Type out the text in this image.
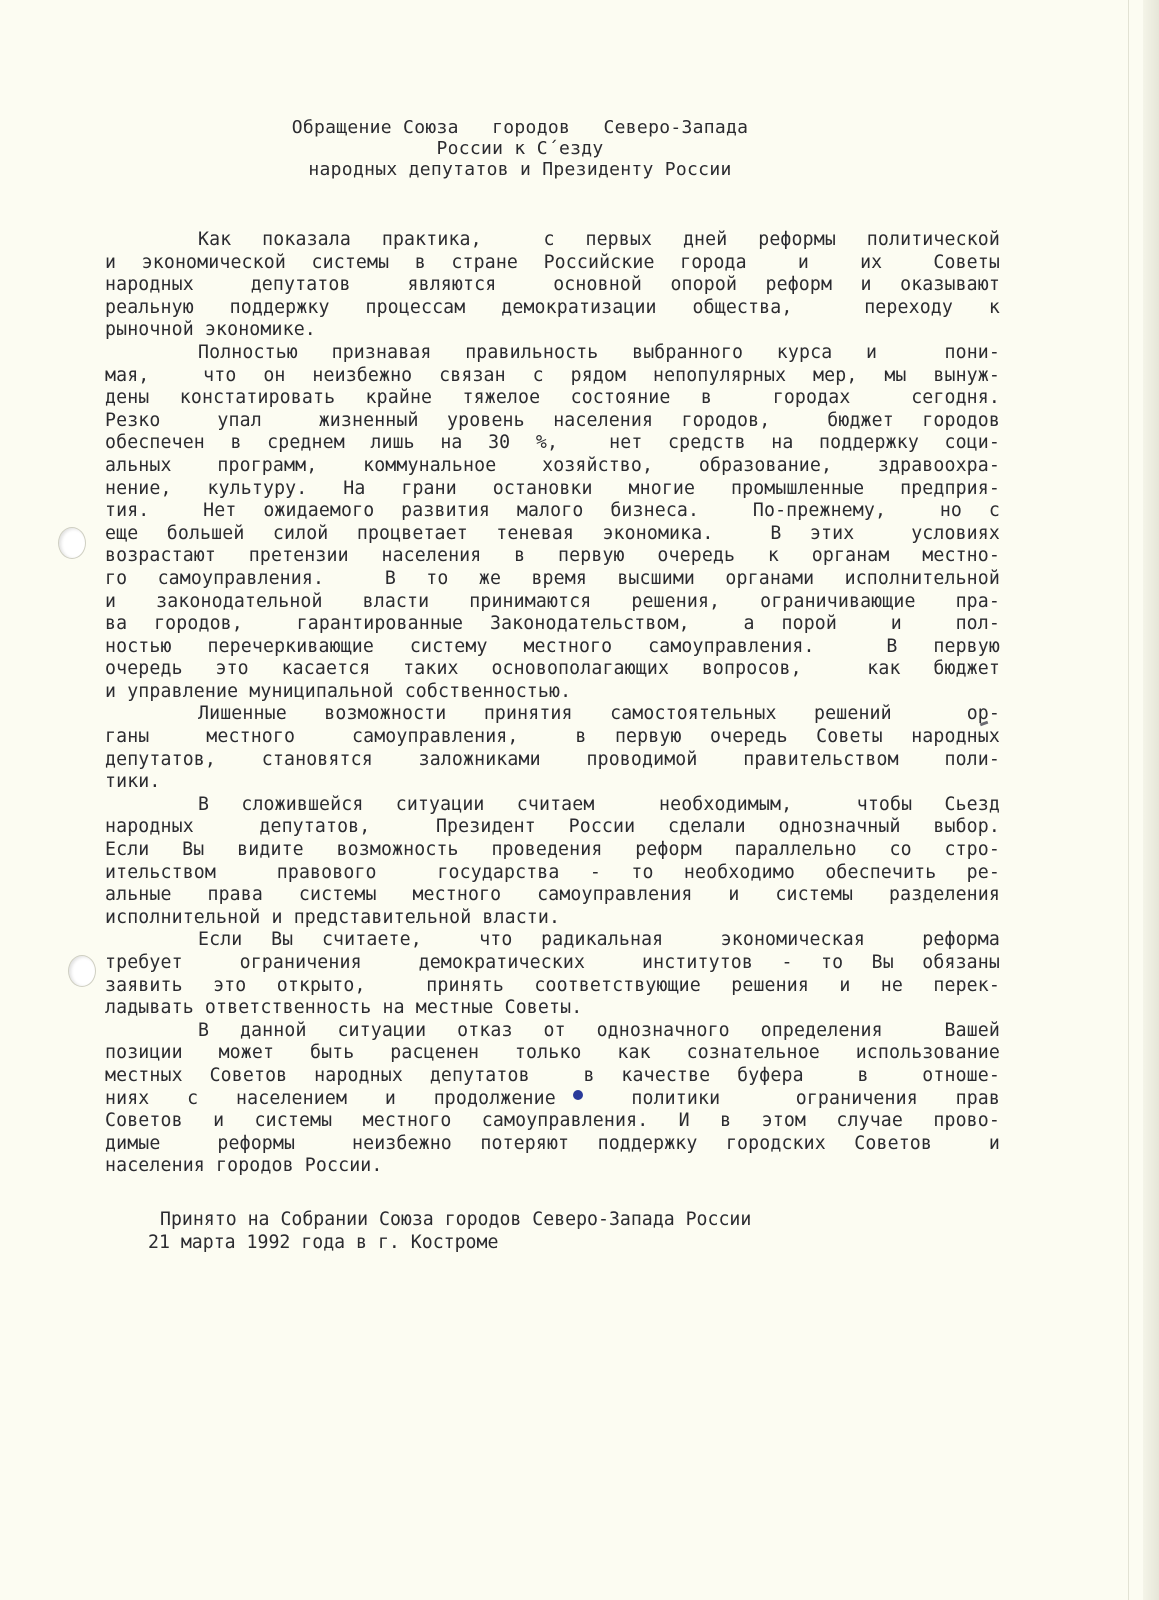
Обращение Союза   городов   Северо-Запада
России к С´езду
народных депутатов и Президенту России
Как показала практика,  с первых дней реформы политической
и экономической системы в стране Российские города  и  их  Советы
народных  депутатов  являются  основной опорой реформ и оказывают
реальную поддержку процессам демократизации общества,  переходу к
рыночной экономике.
Полностью признавая правильность выбранного курса и  пони-
мая,  что он неизбежно связан с рядом непопулярных мер, мы вынуж-
дены констатировать крайне тяжелое состояние в  городах  сегодня.
Резко  упал  жизненный уровень населения городов,  бюджет городов
обеспечен в среднем лишь на 30 %,  нет средств на поддержку соци-
альных программ, коммунальное хозяйство, образование, здравоохра-
нение, культуру. На грани остановки многие промышленные предприя-
тия.  Нет ожидаемого развития малого бизнеса.  По-прежнему,  но с
еще большей силой процветает теневая экономика.  В этих  условиях
возрастают претензии населения в первую очередь к органам местно-
го самоуправления.  В то же время высшими органами исполнительной
и законодательной власти принимаются решения, ограничивающие пра-
ва городов,  гарантированные Законодательством,  а порой  и  пол-
ностью перечеркивающие систему местного самоуправления.  В первую
очередь это касается таких основополагающих вопросов,  как бюджет
и управление муниципальной собственностью.
Лишенные возможности принятия самостоятельных решений  ор-
ганы  местного  самоуправления,  в первую очередь Советы народных
депутатов, становятся заложниками проводимой правительством поли-
тики.
В сложившейся ситуации считаем  необходимым,  чтобы Сьезд
народных  депутатов,  Президент России сделали однозначный выбор.
Если Вы видите возможность проведения реформ параллельно со стро-
ительством  правового  государства - то необходимо обеспечить ре-
альные права системы местного самоуправления и системы разделения
исполнительной и представительной власти.
Если Вы считаете,  что радикальная  экономическая  реформа
требует  ограничения  демократических  институтов - то Вы обязаны
заявить это открыто,  принять соответствующие решения и не перек-
ладывать ответственность на местные Советы.
В данной ситуации отказ от однозначного определения  Вашей
позиции может быть расценен только как сознательное использование
местных Советов народных депутатов  в качестве буфера  в  отноше-
ниях с населением и продолжение  политики  ограничения прав
Советов и системы местного самоуправления. И в этом случае прово-
димые  реформы  неизбежно потеряют поддержку городских Советов  и
населения городов России.
Принято на Собрании Союза городов Северо-Запада России
21 марта 1992 года в г. Костроме
